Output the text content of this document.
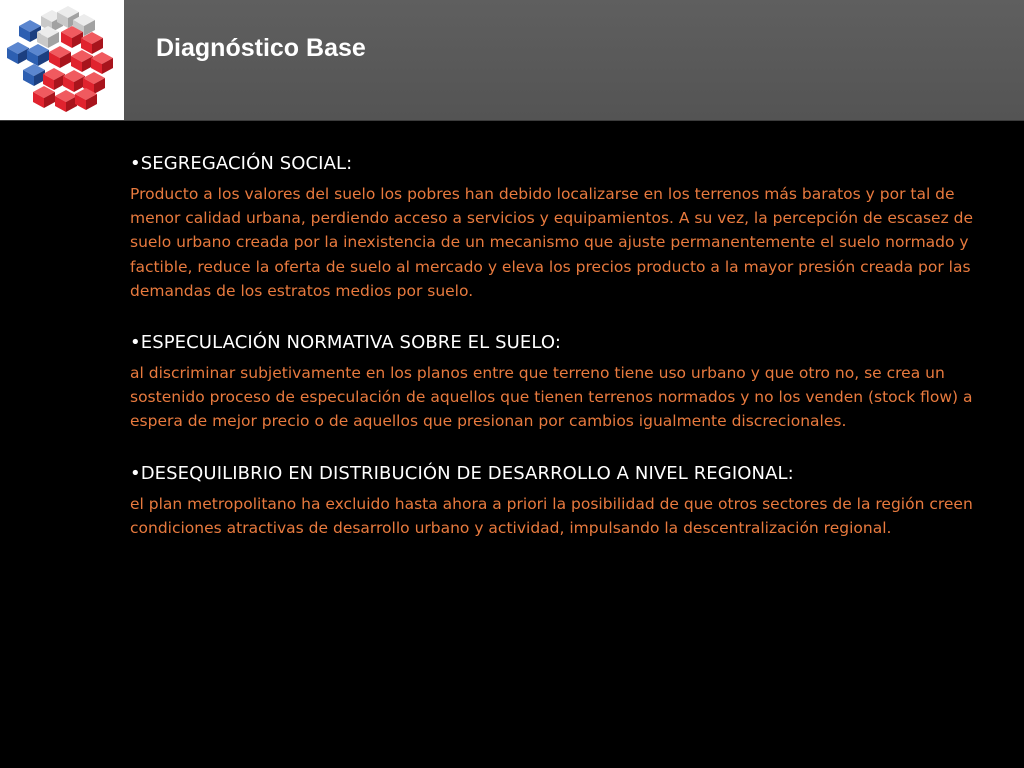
Diagnóstico Base

•SEGREGACIÓN SOCIAL:

Producto a los valores del suelo los pobres han debido localizarse en los terrenos más baratos y por tal de menor calidad urbana, perdiendo acceso a servicios y equipamientos. A su vez, la percepción de escasez de suelo urbano creada por la inexistencia de un mecanismo que ajuste permanentemente el suelo normado y factible, reduce la oferta de suelo al mercado y eleva los precios producto a la mayor presión creada por las demandas de los estratos medios por suelo.

•ESPECULACIÓN NORMATIVA SOBRE EL SUELO:

al discriminar subjetivamente en los planos entre que terreno tiene uso urbano y que otro no, se crea un sostenido proceso de especulación de aquellos que tienen terrenos normados y no los venden (stock flow) a espera de mejor precio o de aquellos que presionan por cambios igualmente discrecionales.

•DESEQUILIBRIO EN DISTRIBUCIÓN DE DESARROLLO A NIVEL REGIONAL:

el plan metropolitano ha excluido hasta ahora a priori la posibilidad de que otros sectores de la región creen condiciones atractivas de desarrollo urbano y actividad, impulsando la descentralización regional.
